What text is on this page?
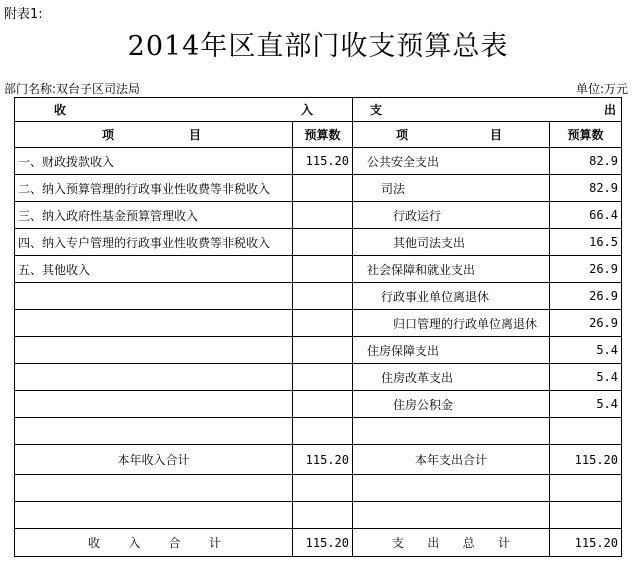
附表1:
2014年区直部门收支预算总表
部门名称:双台子区司法局	单位:万元
收 入		支 出	

项 目	预算数	项 目	预算数
一、财政拨款收入	115.20	公共安全支出	82.9
二、纳入预算管理的行政事业性收费等非税收入		司法	82.9
三、纳入政府性基金预算管理收入		行政运行	66.4
四、纳入专户管理的行政事业性收费等非税收入		其他司法支出	16.5
五、其他收入		社会保障和就业支出	26.9
		行政事业单位离退休	26.9
		归口管理的行政单位离退休	26.9
		住房保障支出	5.4
		住房改革支出	5.4
		住房公积金	5.4

本年收入合计	115.20	本年支出合计	115.20

收 入 合 计	115.20	支 出 总 计	115.20
